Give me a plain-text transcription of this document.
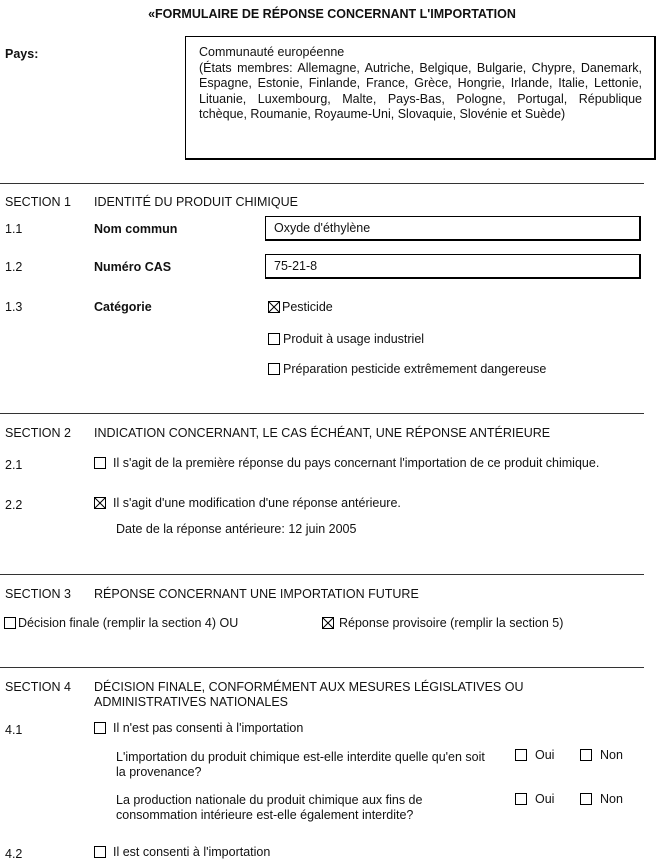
«FORMULAIRE DE RÉPONSE CONCERNANT L'IMPORTATION
Pays:	Communauté européenne

(États membres: Allemagne, Autriche, Belgique, Bulgarie, Chypre, Danemark, Espagne, Estonie, Finlande, France, Grèce, Hongrie, Irlande, Italie, Lettonie, Lituanie, Luxembourg, Malte, Pays-Bas, Pologne, Portugal, République tchèque, Roumanie, Royaume-Uni, Slovaquie, Slovénie et Suède)

SECTION 1 IDENTITÉ DU PRODUIT CHIMIQUE
1.1	Nom commun	Oxyde d'éthylène
1.2	Numéro CAS	75-21-8
1.3	Catégorie	Pesticide
Produit à usage industriel
Préparation pesticide extrêmement dangereuse
SECTION 2 INDICATION CONCERNANT, LE CAS ÉCHÉANT, UNE RÉPONSE ANTÉRIEURE
2.1	Il s'agit de la première réponse du pays concernant l'importation de ce produit chimique.
2.2	Il s'agit d'une modification d'une réponse antérieure.
Date de la réponse antérieure: 12 juin 2005
SECTION 3 RÉPONSE CONCERNANT UNE IMPORTATION FUTURE
Décision finale (remplir la section 4) OU	Réponse provisoire (remplir la section 5)
SECTION 4 DÉCISION FINALE, CONFORMÉMENT AUX MESURES LÉGISLATIVES OU ADMINISTRATIVES NATIONALES
4.1	Il n'est pas consenti à l'importation
L'importation du produit chimique est-elle interdite quelle qu'en soit la provenance?
Oui	Non
La production nationale du produit chimique aux fins de consommation intérieure est-elle également interdite?
Oui	Non
4.2	Il est consenti à l'importation
